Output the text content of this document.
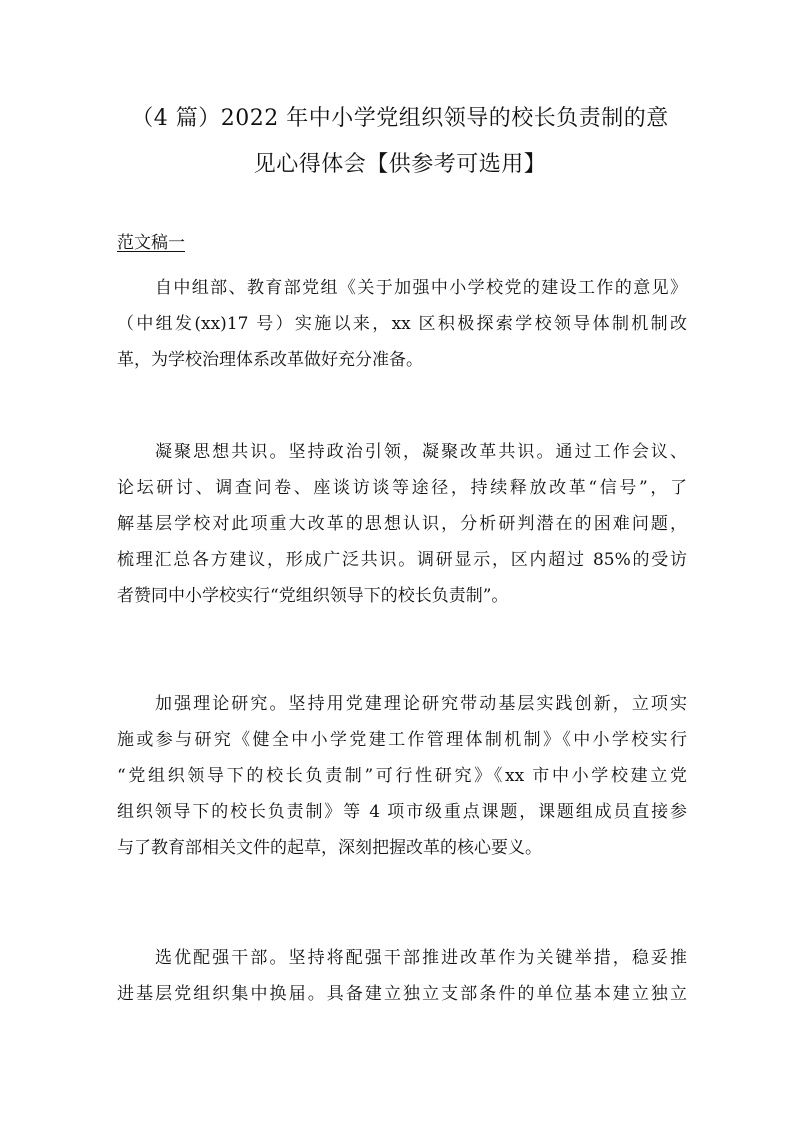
（4 篇）2022 年中小学党组织领导的校长负责制的意
见心得体会【供参考可选用】
范文稿一
自中组部、教育部党组《关于加强中小学校党的建设工作的意见》
（中组发(xx)17 号）实施以来，xx 区积极探索学校领导体制机制改
革，为学校治理体系改革做好充分准备。
凝聚思想共识。坚持政治引领，凝聚改革共识。通过工作会议、
论坛研讨、调查问卷、座谈访谈等途径，持续释放改革“信号”，了
解基层学校对此项重大改革的思想认识，分析研判潜在的困难问题，
梳理汇总各方建议，形成广泛共识。调研显示，区内超过 85%的受访
者赞同中小学校实行“党组织领导下的校长负责制”。
加强理论研究。坚持用党建理论研究带动基层实践创新，立项实
施或参与研究《健全中小学党建工作管理体制机制》《中小学校实行
“党组织领导下的校长负责制”可行性研究》《xx 市中小学校建立党
组织领导下的校长负责制》等 4 项市级重点课题，课题组成员直接参
与了教育部相关文件的起草，深刻把握改革的核心要义。
选优配强干部。坚持将配强干部推进改革作为关键举措，稳妥推
进基层党组织集中换届。具备建立独立支部条件的单位基本建立独立
